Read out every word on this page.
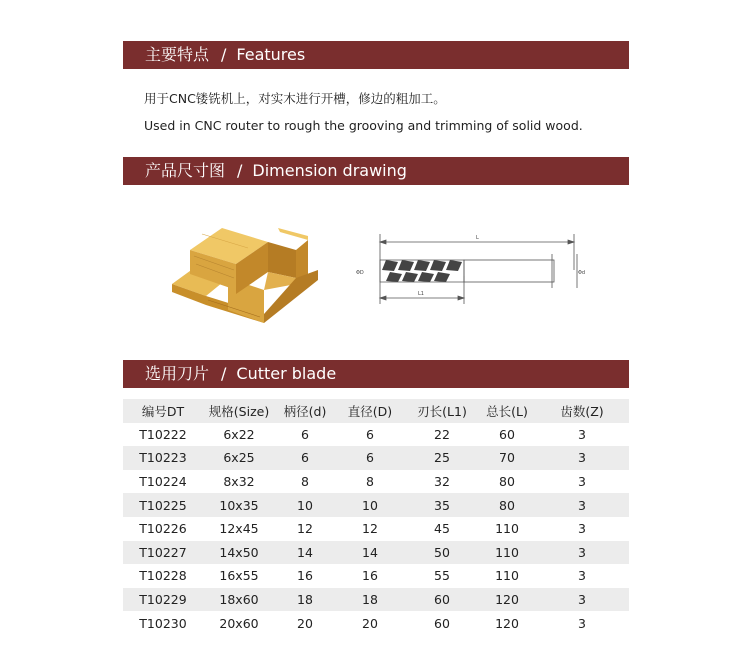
主要特点 / Features
用于CNC镂铣机上，对实木进行开槽，修边的粗加工。
Used in CNC router to rough the grooving and trimming of solid wood.
产品尺寸图 / Dimension drawing
L
L1
ΦD	Φd
选用刀片 / Cutter blade
编号DT	规格(Size)	柄径(d)	直径(D)	刃长(L1)	总长(L)	齿数(Z)
T10222	6x22	6	6	22	60	3
T10223	6x25	6	6	25	70	3
T10224	8x32	8	8	32	80	3
T10225	10x35	10	10	35	80	3
T10226	12x45	12	12	45	110	3
T10227	14x50	14	14	50	110	3
T10228	16x55	16	16	55	110	3
T10229	18x60	18	18	60	120	3
T10230	20x60	20	20	60	120	3
